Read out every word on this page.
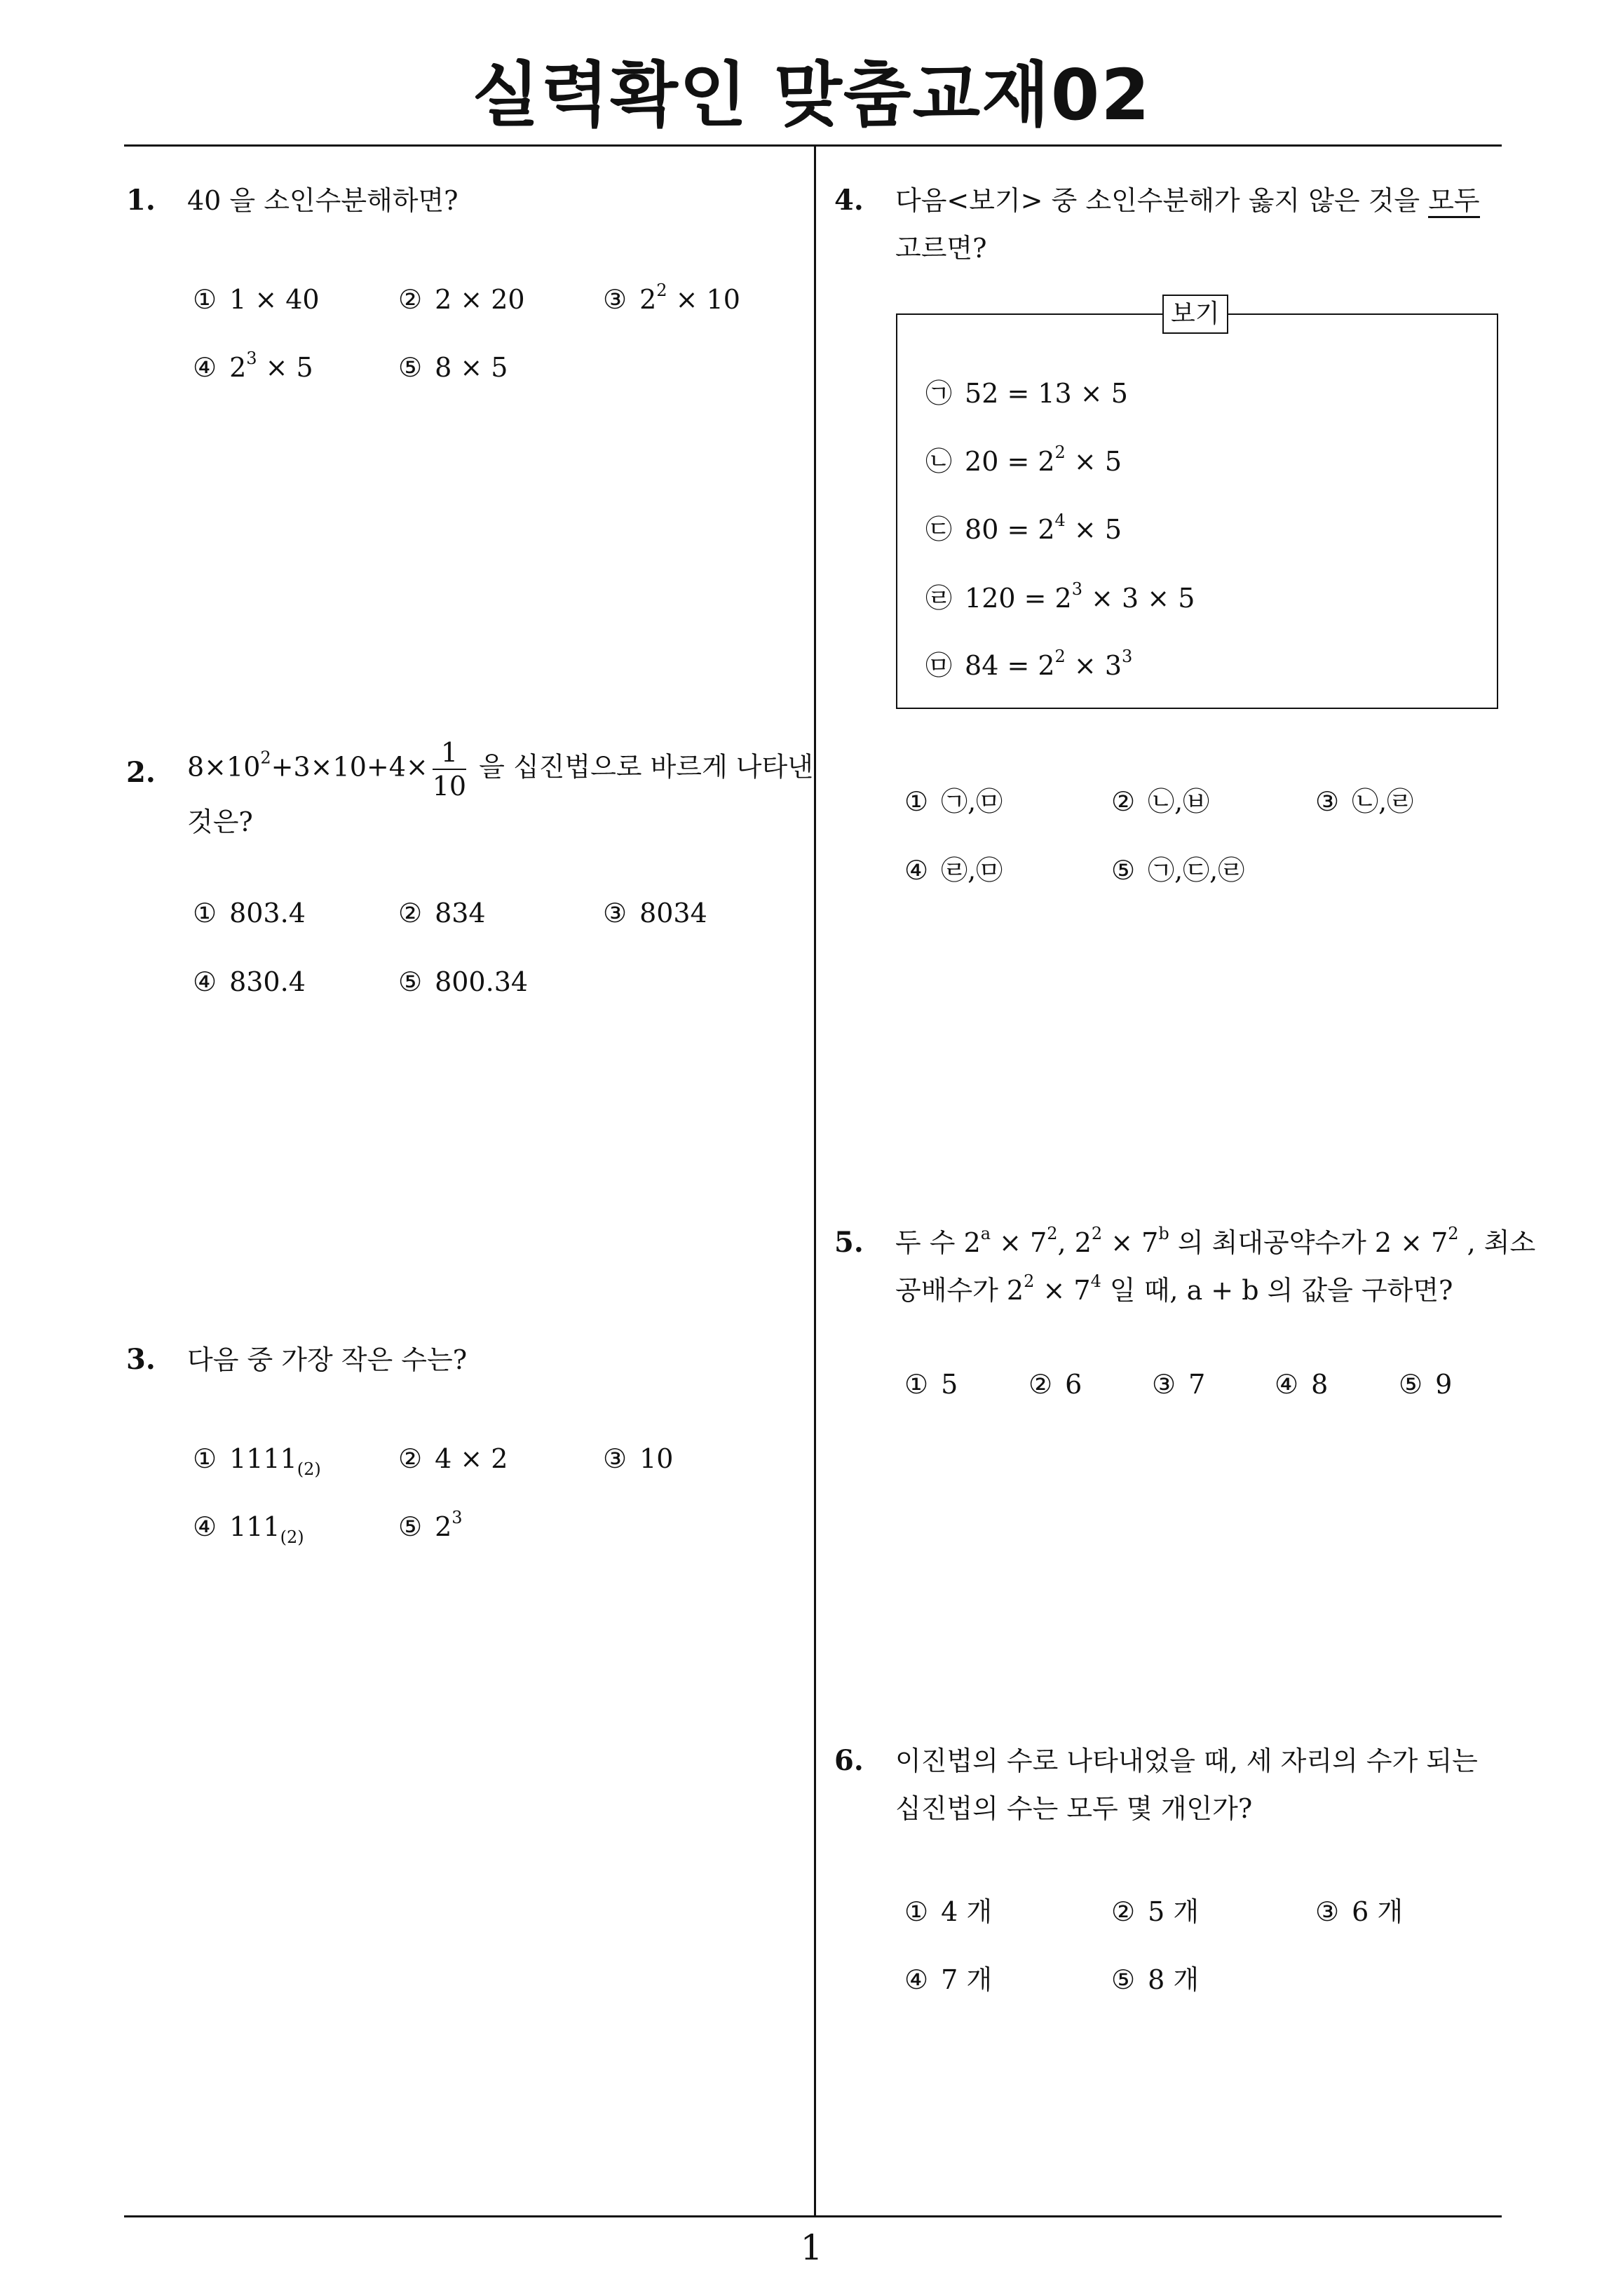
실력확인 맞춤교재02
1
1. 40 을 소인수분해하면?
① 1 × 40	② 2 × 20	③ $2^2 \times 10$
④ $2^3 \times 5$	⑤ 8 × 5
2. $8\times 10^2+3\times 10+4\times \frac{1}{10}$ 을 십진법으로 바르게 나타낸
것은?
① 803.4	② 834	③ 8034
④ 830.4	⑤ 800.34
3. 다음 중 가장 작은 수는?
① $1111_{(2)}$	② 4 × 2	③ 10
④ $111_{(2)}$	⑤ $2^3$
4. 다음<보기> 중 소인수분해가 옳지 않은 것을 모두
고르면?
보기
㉠ 52 = 13 × 5
㉡ $20 = 2^2 \times 5$
㉢ $80 = 2^4 \times 5$
㉣ $120 = 2^3 \times 3 \times 5$
㉤ $84 = 2^2 \times 3^3$
① ㉠,㉤	② ㉡,㉥	③ ㉡,㉣
④ ㉣,㉤	⑤ ㉠,㉢,㉣
5. 두 수 $2^a \times 7^2$, $2^2 \times 7^b$ 의 최대공약수가 $2 \times 7^2$ , 최소
공배수가 $2^2 \times 7^4$ 일 때, a + b 의 값을 구하면?
① 5	② 6	③ 7	④ 8	⑤ 9
6. 이진법의 수로 나타내었을 때, 세 자리의 수가 되는
십진법의 수는 모두 몇 개인가?
① 4 개	② 5 개	③ 6 개
④ 7 개	⑤ 8 개
